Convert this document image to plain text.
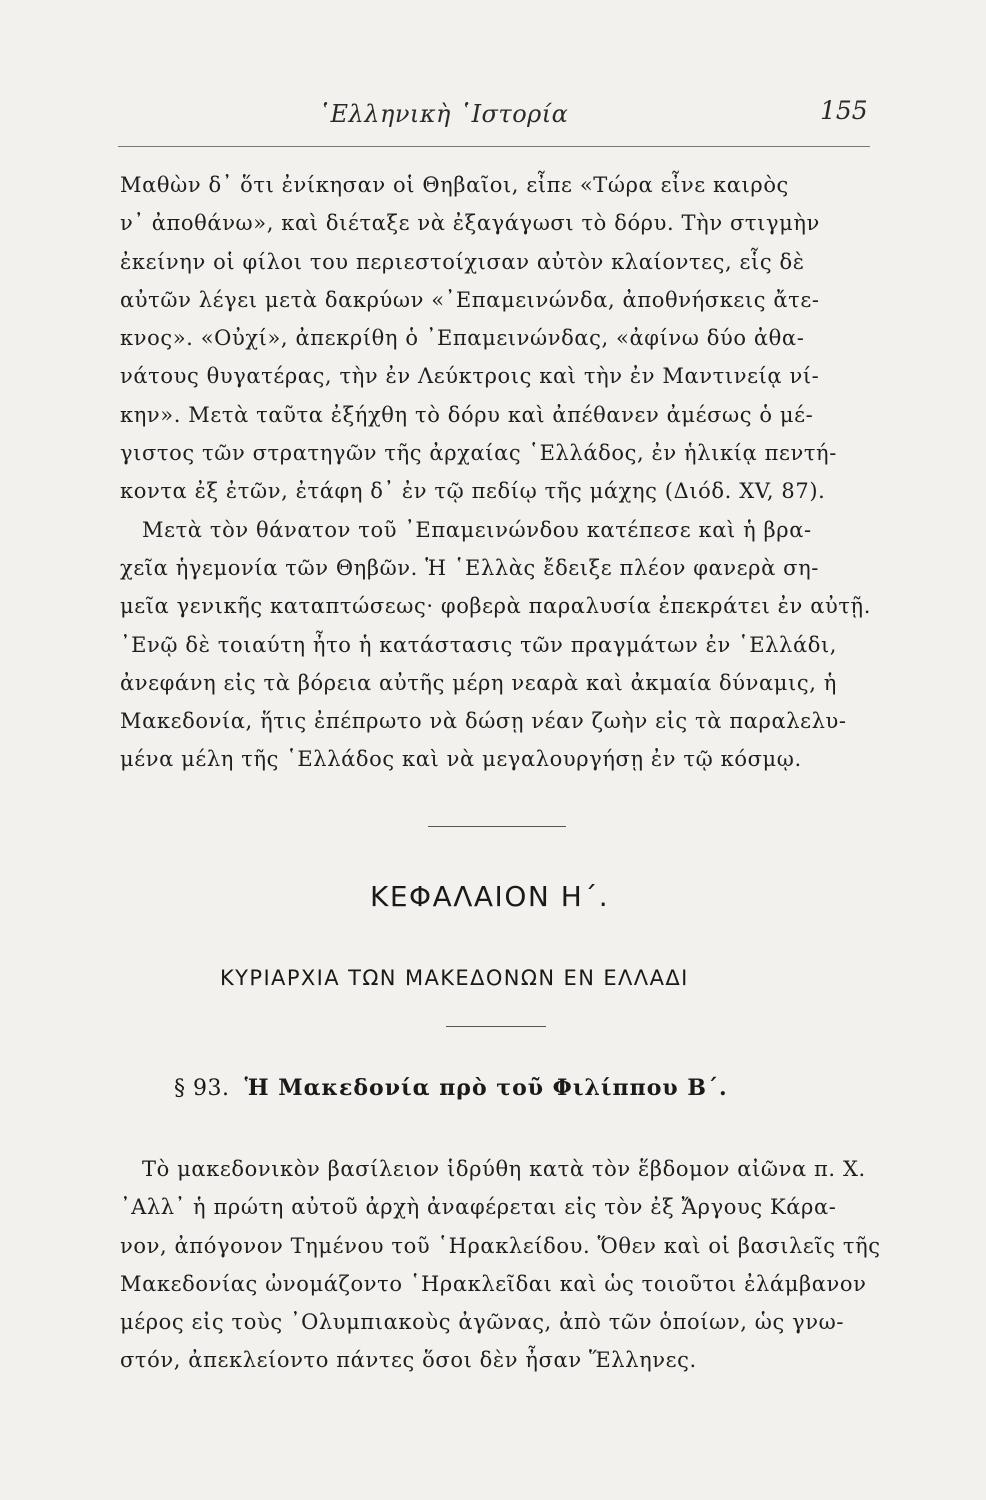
῾Ελληνικὴ ῾Ιστορία	155
Μαθὼν δ᾽ ὅτι ἐνίκησαν οἱ Θηβαῖοι, εἶπε «Τώρα εἶνε καιρὸς
ν᾽ ἀποθάνω», καὶ διέταξε νὰ ἐξαγάγωσι τὸ δόρυ. Τὴν στιγμὴν
ἐκείνην οἱ φίλοι του περιεστοίχισαν αὐτὸν κλαίοντες, εἷς δὲ
αὐτῶν λέγει μετὰ δακρύων «᾽Επαμεινώνδα, ἀποθνήσκεις ἄτε-
κνος». «Οὐχί», ἀπεκρίθη ὁ ᾽Επαμεινώνδας, «ἀφίνω δύο ἀθα-
νάτους θυγατέρας, τὴν ἐν Λεύκτροις καὶ τὴν ἐν Μαντινείᾳ νί-
κην». Μετὰ ταῦτα ἐξήχθη τὸ δόρυ καὶ ἀπέθανεν ἀμέσως ὁ μέ-
γιστος τῶν στρατηγῶν τῆς ἀρχαίας ῾Ελλάδος, ἐν ἡλικίᾳ πεντή-
κοντα ἐξ ἐτῶν, ἐτάφη δ᾽ ἐν τῷ πεδίῳ τῆς μάχης (Διόδ. XV, 87).
Μετὰ τὸν θάνατον τοῦ ᾽Επαμεινώνδου κατέπεσε καὶ ἡ βρα-
χεῖα ἡγεμονία τῶν Θηβῶν. Ἡ ῾Ελλὰς ἔδειξε πλέον φανερὰ ση-
μεῖα γενικῆς καταπτώσεως· φοβερὰ παραλυσία ἐπεκράτει ἐν αὐτῇ.
᾽Ενῷ δὲ τοιαύτη ἦτο ἡ κατάστασις τῶν πραγμάτων ἐν ῾Ελλάδι,
ἀνεφάνη εἰς τὰ βόρεια αὐτῆς μέρη νεαρὰ καὶ ἀκμαία δύναμις, ἡ
Μακεδονία, ἥτις ἐπέπρωτο νὰ δώσῃ νέαν ζωὴν εἰς τὰ παραλελυ-
μένα μέλη τῆς ῾Ελλάδος καὶ νὰ μεγαλουργήσῃ ἐν τῷ κόσμῳ.
ΚΕΦΑΛΑΙΟΝ Η΄.
ΚΥΡΙΑΡΧΙΑ ΤΩΝ ΜΑΚΕΔΟΝΩΝ ΕΝ ΕΛΛΑΔΙ
§ 93. Ἡ Μακεδονία πρὸ τοῦ Φιλίππου Β΄.
Τὸ μακεδονικὸν βασίλειον ἱδρύθη κατὰ τὸν ἕβδομον αἰῶνα π. Χ.
᾽Αλλ᾽ ἡ πρώτη αὐτοῦ ἀρχὴ ἀναφέρεται εἰς τὸν ἐξ Ἄργους Κάρα-
νον, ἀπόγονον Τημένου τοῦ ῾Ηρακλείδου. Ὅθεν καὶ οἱ βασιλεῖς τῆς
Μακεδονίας ὠνομάζοντο ῾Ηρακλεῖδαι καὶ ὡς τοιοῦτοι ἐλάμβανον
μέρος εἰς τοὺς ᾽Ολυμπιακοὺς ἀγῶνας, ἀπὸ τῶν ὁποίων, ὡς γνω-
στόν, ἀπεκλείοντο πάντες ὅσοι δὲν ἦσαν Ἕλληνες.
